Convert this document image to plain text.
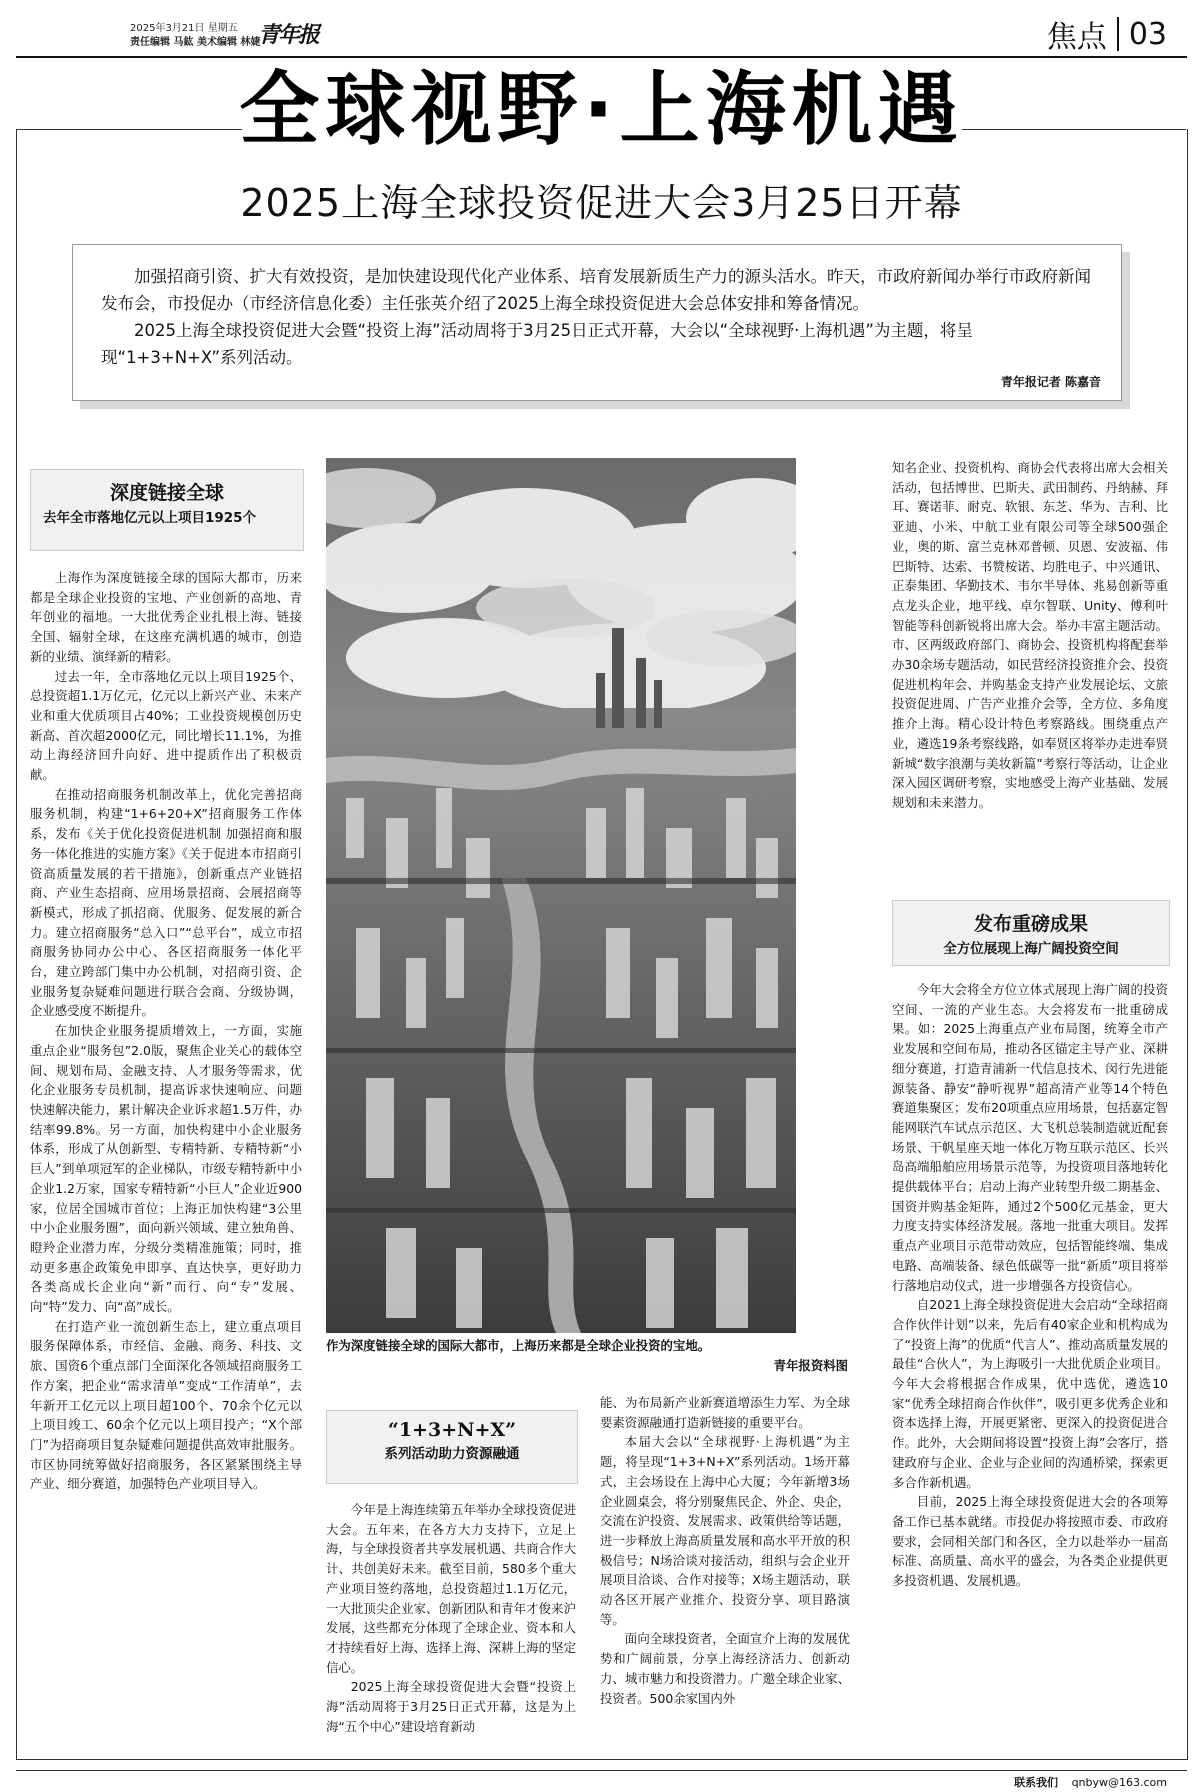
2025年3月21日 星期五
责任编辑 马鈜 美术编辑 林婕
青年报	焦点 03
全球视野·上海机遇
2025上海全球投资促进大会3月25日开幕

加强招商引资、扩大有效投资，是加快建设现代化产业体系、培育发展新质生产力的源头活水。昨天，市政府新闻办举行市政府新闻发布会，市投促办（市经济信息化委）主任张英介绍了2025上海全球投资促进大会总体安排和筹备情况。

2025上海全球投资促进大会暨“投资上海”活动周将于3月25日正式开幕，大会以“全球视野·上海机遇”为主题，将呈现“1+3+N+X”系列活动。

青年报记者 陈嘉音
深度链接全球
去年全市落地亿元以上项目1925个

上海作为深度链接全球的国际大都市，历来都是全球企业投资的宝地、产业创新的高地、青年创业的福地。一大批优秀企业扎根上海、链接全国、辐射全球，在这座充满机遇的城市，创造新的业绩、演绎新的精彩。

过去一年，全市落地亿元以上项目1925个、总投资超1.1万亿元，亿元以上新兴产业、未来产业和重大优质项目占40%；工业投资规模创历史新高、首次超2000亿元，同比增长11.1%，为推动上海经济回升向好、进中提质作出了积极贡献。

在推动招商服务机制改革上，优化完善招商服务机制，构建“1+6+20+X”招商服务工作体系，发布《关于优化投资促进机制 加强招商和服务一体化推进的实施方案》《关于促进本市招商引资高质量发展的若干措施》，创新重点产业链招商、产业生态招商、应用场景招商、会展招商等新模式，形成了抓招商、优服务、促发展的新合力。建立招商服务“总入口”“总平台”，成立市招商服务协同办公中心、各区招商服务一体化平台，建立跨部门集中办公机制，对招商引资、企业服务复杂疑难问题进行联合会商、分级协调，企业感受度不断提升。

在加快企业服务提质增效上，一方面，实施重点企业“服务包”2.0版，聚焦企业关心的载体空间、规划布局、金融支持、人才服务等需求，优化企业服务专员机制，提高诉求快速响应、问题快速解决能力，累计解决企业诉求超1.5万件，办结率99.8%。另一方面，加快构建中小企业服务体系，形成了从创新型、专精特新、专精特新“小巨人”到单项冠军的企业梯队，市级专精特新中小企业1.2万家，国家专精特新“小巨人”企业近900家，位居全国城市首位；上海正加快构建“3公里中小企业服务圈”，面向新兴领域、建立独角兽、瞪羚企业潜力库，分级分类精准施策；同时，推动更多惠企政策免申即享、直达快享，更好助力各类高成长企业向“新”而行、向“专”发展、向“特”发力、向“高”成长。

在打造产业一流创新生态上，建立重点项目服务保障体系，市经信、金融、商务、科技、文旅、国资6个重点部门全面深化各领域招商服务工作方案，把企业“需求清单”变成“工作清单”，去年新开工亿元以上项目超100个、70余个亿元以上项目竣工、60余个亿元以上项目投产；“X个部门”为招商项目复杂疑难问题提供高效审批服务。市区协同统筹做好招商服务，各区紧紧围绕主导产业、细分赛道，加强特色产业项目导入。

作为深度链接全球的国际大都市，上海历来都是全球企业投资的宝地。
青年报资料图
“1+3+N+X”
系列活动助力资源融通

今年是上海连续第五年举办全球投资促进大会。五年来，在各方大力支持下，立足上海，与全球投资者共享发展机遇、共商合作大计、共创美好未来。截至目前，580多个重大产业项目签约落地，总投资超过1.1万亿元，一大批顶尖企业家、创新团队和青年才俊来沪发展，这些都充分体现了全球企业、资本和人才持续看好上海、选择上海、深耕上海的坚定信心。

2025上海全球投资促进大会暨“投资上海”活动周将于3月25日正式开幕，这是为上海“五个中心”建设培育新动

能、为布局新产业新赛道增添生力军、为全球要素资源融通打造新链接的重要平台。

本届大会以“全球视野·上海机遇”为主题，将呈现“1+3+N+X”系列活动。1场开幕式，主会场设在上海中心大厦；今年新增3场企业圆桌会，将分别聚焦民企、外企、央企，交流在沪投资、发展需求、政策供给等话题，进一步释放上海高质量发展和高水平开放的积极信号；N场洽谈对接活动，组织与会企业开展项目洽谈、合作对接等；X场主题活动，联动各区开展产业推介、投资分享、项目路演等。

面向全球投资者，全面宣介上海的发展优势和广阔前景，分享上海经济活力、创新动力、城市魅力和投资潜力。广邀全球企业家、投资者。500余家国内外

知名企业、投资机构、商协会代表将出席大会相关活动，包括博世、巴斯夫、武田制药、丹纳赫、拜耳、赛诺菲、耐克、软银、东芝、华为、吉利、比亚迪、小米、中航工业有限公司等全球500强企业，奥的斯、富兰克林邓普顿、贝恩、安波福、伟巴斯特、达索、书赞桉诺、均胜电子、中兴通讯、正泰集团、华勤技术、韦尔半导体、兆易创新等重点龙头企业，地平线、卓尔智联、Unity、傅利叶智能等科创新锐将出席大会。举办丰富主题活动。市、区两级政府部门、商协会、投资机构将配套举办30余场专题活动，如民营经济投资推介会、投资促进机构年会、并购基金支持产业发展论坛、文旅投资促进周、广告产业推介会等，全方位、多角度推介上海。精心设计特色考察路线。围绕重点产业，遴选19条考察线路，如奉贤区将举办走进奉贤新城“数字浪潮与美妆新篇”考察行等活动，让企业深入园区调研考察，实地感受上海产业基础、发展规划和未来潜力。

发布重磅成果
全方位展现上海广阔投资空间

今年大会将全方位立体式展现上海广阔的投资空间、一流的产业生态。大会将发布一批重磅成果。如：2025上海重点产业布局图，统筹全市产业发展和空间布局，推动各区锚定主导产业、深耕细分赛道，打造青浦新一代信息技术、闵行先进能源装备、静安“静听视界”超高清产业等14个特色赛道集聚区；发布20项重点应用场景，包括嘉定智能网联汽车试点示范区、大飞机总装制造就近配套场景、干帆星座天地一体化万物互联示范区、长兴岛高端船舶应用场景示范等，为投资项目落地转化提供载体平台；启动上海产业转型升级二期基金、国资并购基金矩阵，通过2个500亿元基金，更大力度支持实体经济发展。落地一批重大项目。发挥重点产业项目示范带动效应，包括智能终端、集成电路、高端装备、绿色低碳等一批“新质”项目将举行落地启动仪式，进一步增强各方投资信心。

自2021上海全球投资促进大会启动“全球招商合作伙伴计划”以来，先后有40家企业和机构成为了“投资上海”的优质“代言人”、推动高质量发展的最佳“合伙人”，为上海吸引一大批优质企业项目。今年大会将根据合作成果，优中选优，遴选10家“优秀全球招商合作伙伴”，吸引更多优秀企业和资本选择上海，开展更紧密、更深入的投资促进合作。此外，大会期间将设置“投资上海”会客厅，搭建政府与企业、企业与企业间的沟通桥梁，探索更多合作新机遇。

目前，2025上海全球投资促进大会的各项筹备工作已基本就绪。市投促办将按照市委、市政府要求，会同相关部门和各区，全力以赴举办一届高标准、高质量、高水平的盛会，为各类企业提供更多投资机遇、发展机遇。

联系我们 qnbyw@163.com
